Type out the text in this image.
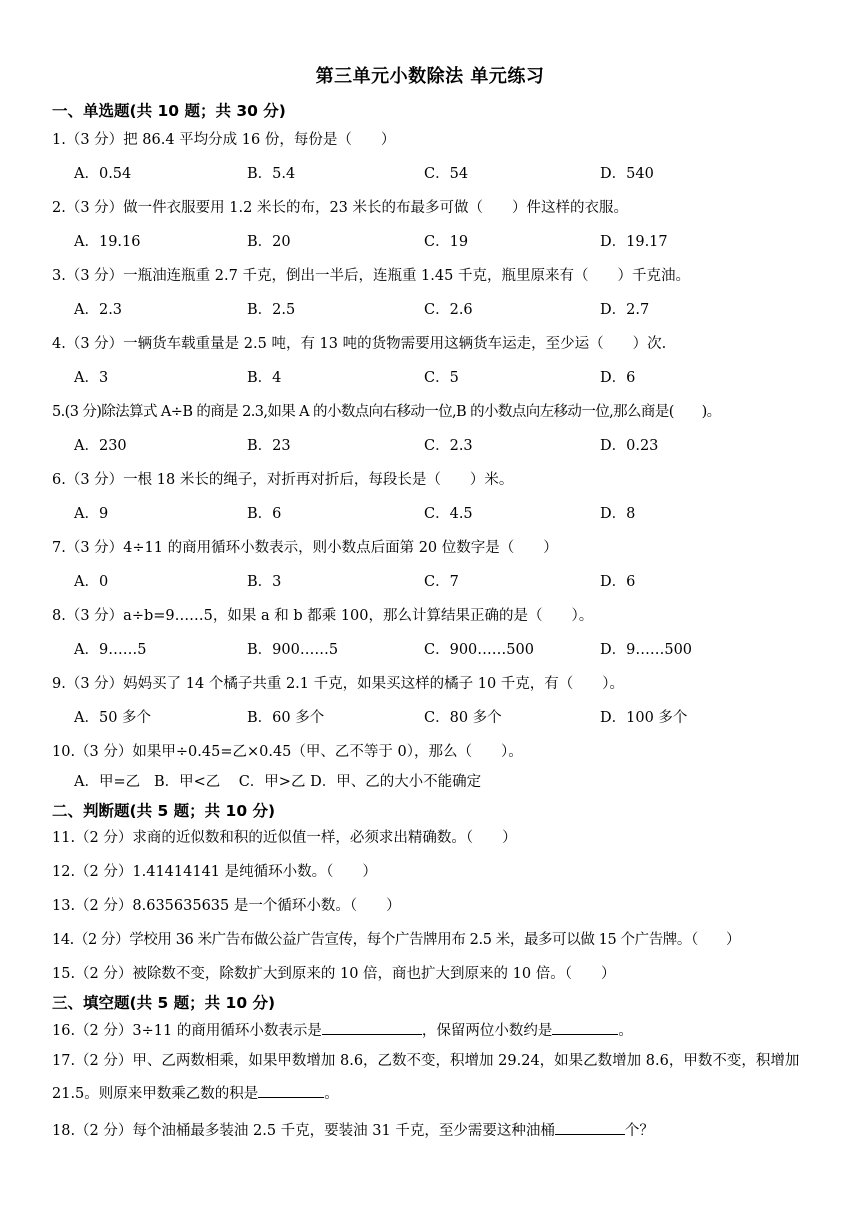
第三单元小数除法 单元练习
一、单选题(共 10 题；共 30 分)
1.（3 分）把 86.4 平均分成 16 份，每份是（　　）
A．0.54	B．5.4	C．54	D．540
2.（3 分）做一件衣服要用 1.2 米长的布，23 米长的布最多可做（　　）件这样的衣服。
A．19.16	B．20	C．19	D．19.17
3.（3 分）一瓶油连瓶重 2.7 千克，倒出一半后，连瓶重 1.45 千克，瓶里原来有（　　）千克油。
A．2.3	B．2.5	C．2.6	D．2.7
4.（3 分）一辆货车载重量是 2.5 吨，有 13 吨的货物需要用这辆货车运走，至少运（　　）次.
A．3	B．4	C．5	D．6
5.(3 分)除法算式 A÷B 的商是 2.3,如果 A 的小数点向右移动一位,B 的小数点向左移动一位,那么商是(　　)。
A．230	B．23	C．2.3	D．0.23
6.（3 分）一根 18 米长的绳子，对折再对折后，每段长是（　　）米。
A．9	B．6	C．4.5	D．8
7.（3 分）4÷11 的商用循环小数表示，则小数点后面第 20 位数字是（　　）
A．0	B．3	C．7	D．6
8.（3 分）a÷b=9……5，如果 a 和 b 都乘 100，那么计算结果正确的是（　　）。
A．9……5	B．900……5	C．900……500	D．9……500
9.（3 分）妈妈买了 14 个橘子共重 2.1 千克，如果买这样的橘子 10 千克，有（　　）。
A．50 多个	B．60 多个	C．80 多个	D．100 多个
10.（3 分）如果甲÷0.45=乙×0.45（甲、乙不等于 0），那么（　　）。
A．甲=乙 B．甲<乙 C．甲>乙 D．甲、乙的大小不能确定
二、判断题(共 5 题；共 10 分)
11.（2 分）求商的近似数和积的近似值一样，必须求出精确数。（　　）
12.（2 分）1.41414141 是纯循环小数。（　　）
13.（2 分）8.635635635 是一个循环小数。（　　）
14.（2 分）学校用 36 米广告布做公益广告宣传，每个广告牌用布 2.5 米，最多可以做 15 个广告牌。（　　）
15.（2 分）被除数不变，除数扩大到原来的 10 倍，商也扩大到原来的 10 倍。（　　）
三、填空题(共 5 题；共 10 分)
16.（2 分）3÷11 的商用循环小数表示是	，保留两位小数约是	。
17.（2 分）甲、乙两数相乘，如果甲数增加 8.6，乙数不变，积增加 29.24，如果乙数增加 8.6，甲数不变，积增加 21.5。则原来甲数乘乙数的积是	。
18.（2 分）每个油桶最多装油 2.5 千克，要装油 31 千克，至少需要这种油桶	个？
